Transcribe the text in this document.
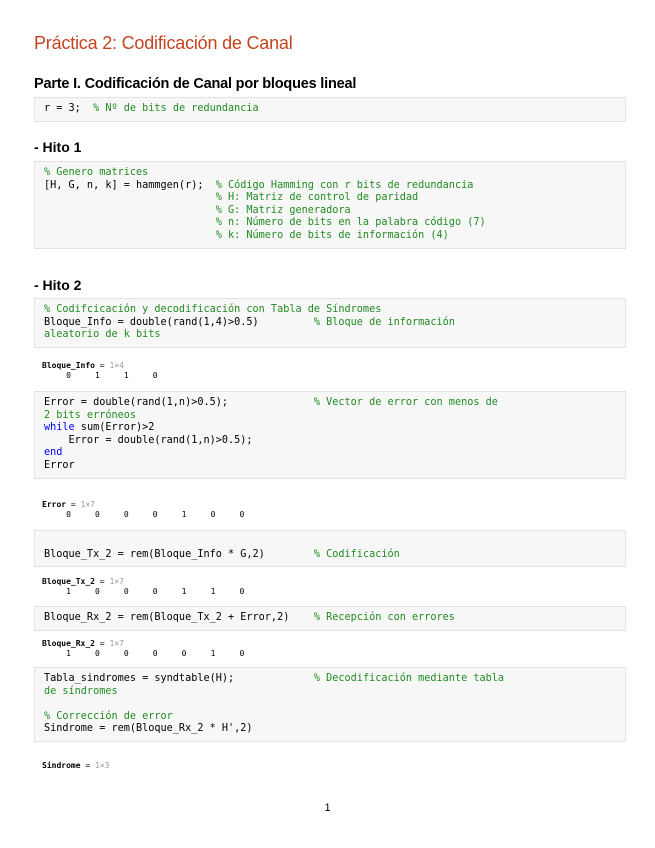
Práctica 2: Codificación de Canal
Parte I. Codificación de Canal por bloques lineal
r = 3;  % Nº de bits de redundancia
- Hito 1
% Genero matrices
[H, G, n, k] = hammgen(r);  % Código Hamming con r bits de redundancia
% H: Matriz de control de paridad
% G: Matriz generadora
% n: Número de bits en la palabra código (7)
% k: Número de bits de información (4)
- Hito 2
% Codifcicación y decodificación con Tabla de Síndromes
Bloque_Info = double(rand(1,4)>0.5)         % Bloque de información
aleatorio de k bits
Bloque_Info = 1×4
0     1     1     0
Error = double(rand(1,n)>0.5);              % Vector de error con menos de
2 bits erróneos
while sum(Error)>2
Error = double(rand(1,n)>0.5);
end
Error
Error = 1×7
0     0     0     0     1     0     0

Bloque_Tx_2 = rem(Bloque_Info * G,2)        % Codificación
Bloque_Tx_2 = 1×7
1     0     0     0     1     1     0
Bloque_Rx_2 = rem(Bloque_Tx_2 + Error,2)    % Recepción con errores
Bloque_Rx_2 = 1×7
1     0     0     0     0     1     0
Tabla_sindromes = syndtable(H);             % Decodificación mediante tabla
de síndromes

% Corrección de error
Sindrome = rem(Bloque_Rx_2 * H',2)
Sindrome = 1×3
1
